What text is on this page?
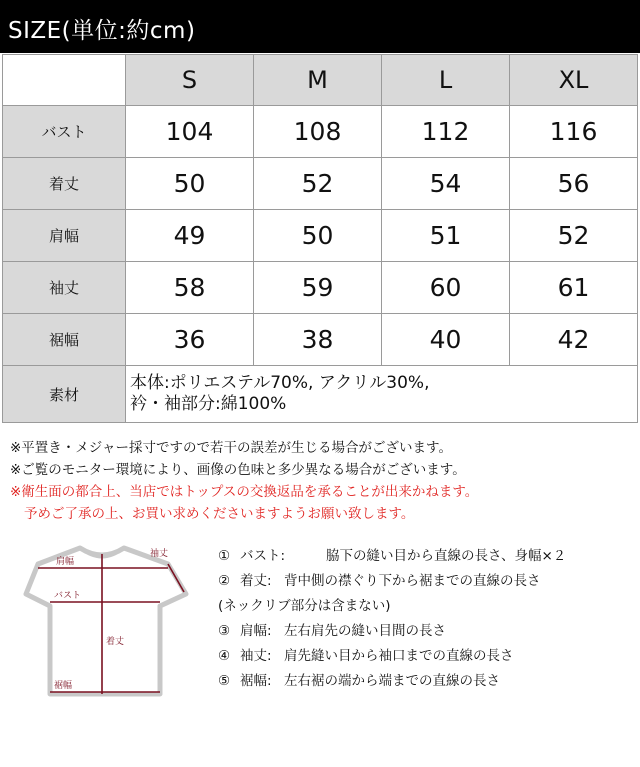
SIZE(単位:約cm)
	S	M	L	XL
バスト	104	108	112	116
着丈	50	52	54	56
肩幅	49	50	51	52
袖丈	58	59	60	61
裾幅	36	38	40	42
素材	本体:ポリエステル70%, アクリル30%,
衿・袖部分:綿100%			
※平置き・メジャー採寸ですので若干の誤差が生じる場合がございます。
※ご覧のモニター環境により、画像の色味と多少異なる場合がございます。
※衛生面の都合上、当店ではトップスの交換返品を承ることが出来かねます。
予めご了承の上、お買い求めくださいますようお願い致します。
袖丈
肩幅
バスト
着丈
裾幅
① バスト:	脇下の縫い目から直線の長さ、身幅×２
② 着丈: 背中側の襟ぐり下から裾までの直線の長さ
(ネックリブ部分は含まない)
③ 肩幅: 左右肩先の縫い目間の長さ
④ 袖丈: 肩先縫い目から袖口までの直線の長さ
⑤ 裾幅: 左右裾の端から端までの直線の長さ
